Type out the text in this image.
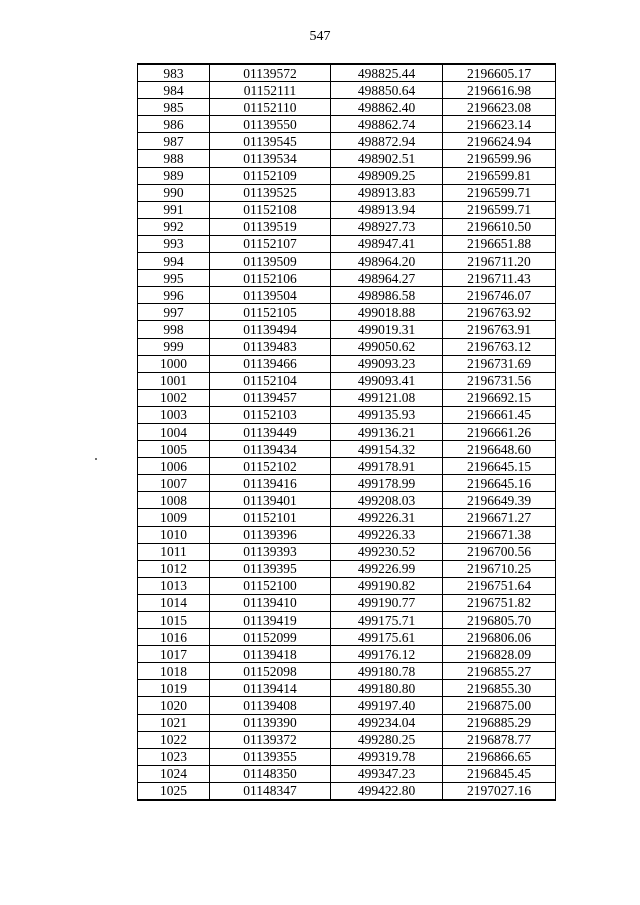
547
983	01139572	498825.44	2196605.17
984	01152111	498850.64	2196616.98
985	01152110	498862.40	2196623.08
986	01139550	498862.74	2196623.14
987	01139545	498872.94	2196624.94
988	01139534	498902.51	2196599.96
989	01152109	498909.25	2196599.81
990	01139525	498913.83	2196599.71
991	01152108	498913.94	2196599.71
992	01139519	498927.73	2196610.50
993	01152107	498947.41	2196651.88
994	01139509	498964.20	2196711.20
995	01152106	498964.27	2196711.43
996	01139504	498986.58	2196746.07
997	01152105	499018.88	2196763.92
998	01139494	499019.31	2196763.91
999	01139483	499050.62	2196763.12
1000	01139466	499093.23	2196731.69
1001	01152104	499093.41	2196731.56
1002	01139457	499121.08	2196692.15
1003	01152103	499135.93	2196661.45
1004	01139449	499136.21	2196661.26
1005	01139434	499154.32	2196648.60
1006	01152102	499178.91	2196645.15
1007	01139416	499178.99	2196645.16
1008	01139401	499208.03	2196649.39
1009	01152101	499226.31	2196671.27
1010	01139396	499226.33	2196671.38
1011	01139393	499230.52	2196700.56
1012	01139395	499226.99	2196710.25
1013	01152100	499190.82	2196751.64
1014	01139410	499190.77	2196751.82
1015	01139419	499175.71	2196805.70
1016	01152099	499175.61	2196806.06
1017	01139418	499176.12	2196828.09
1018	01152098	499180.78	2196855.27
1019	01139414	499180.80	2196855.30
1020	01139408	499197.40	2196875.00
1021	01139390	499234.04	2196885.29
1022	01139372	499280.25	2196878.77
1023	01139355	499319.78	2196866.65
1024	01148350	499347.23	2196845.45
1025	01148347	499422.80	2197027.16
